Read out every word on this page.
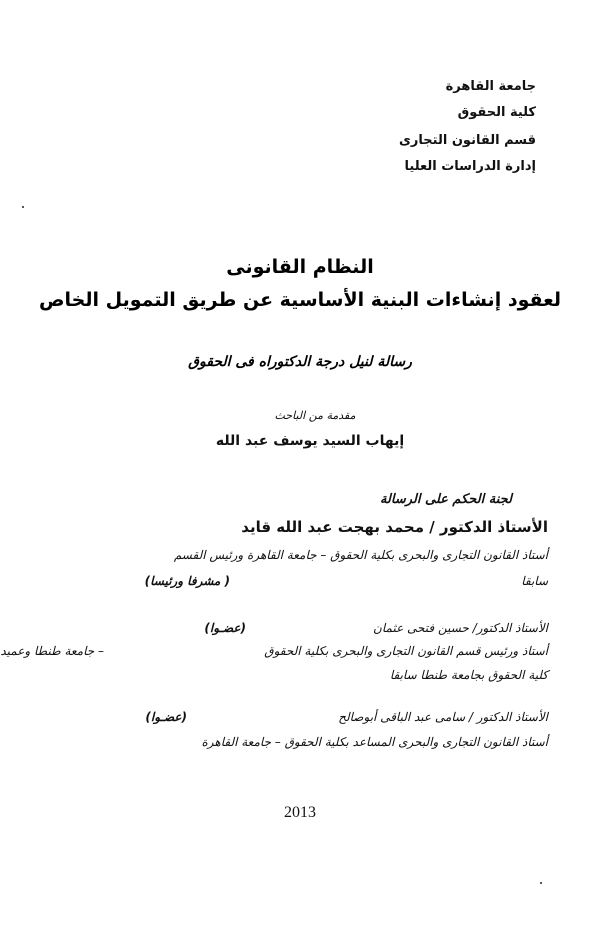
جامعة القاهرة
كلية الحقوق
قسم القانون التجارى
إدارة الدراسات العليا
النظام القانونى
لعقود إنشاءات البنية الأساسية عن طريق التمويل الخاص
رسالة لنيل درجة الدكتوراه فى الحقوق
مقدمة من الباحث
إيهاب السيد يوسف عبد الله
لجنة الحكم على الرسالة
الأستاذ الدكتور / محمد بهجت عبد الله قايد
أستاذ القانون التجارى والبحرى بكلية الحقوق – جامعة القاهرة ورئيس القسم
سابقا
( مشرفا ورئيسا)
الأستاذ الدكتور/ حسين فتحى عثمان
(عضـوا)
أستاذ ورئيس قسم القانون التجارى والبحرى بكلية الحقوق
– جامعة طنطا وعميد
كلية الحقوق بجامعة طنطا سابقا
الأستاذ الدكتور / سامى عبد الباقى أبوصالح
(عضـوا)
أستاذ القانون التجارى والبحرى المساعد بكلية الحقوق – جامعة القاهرة
2013
